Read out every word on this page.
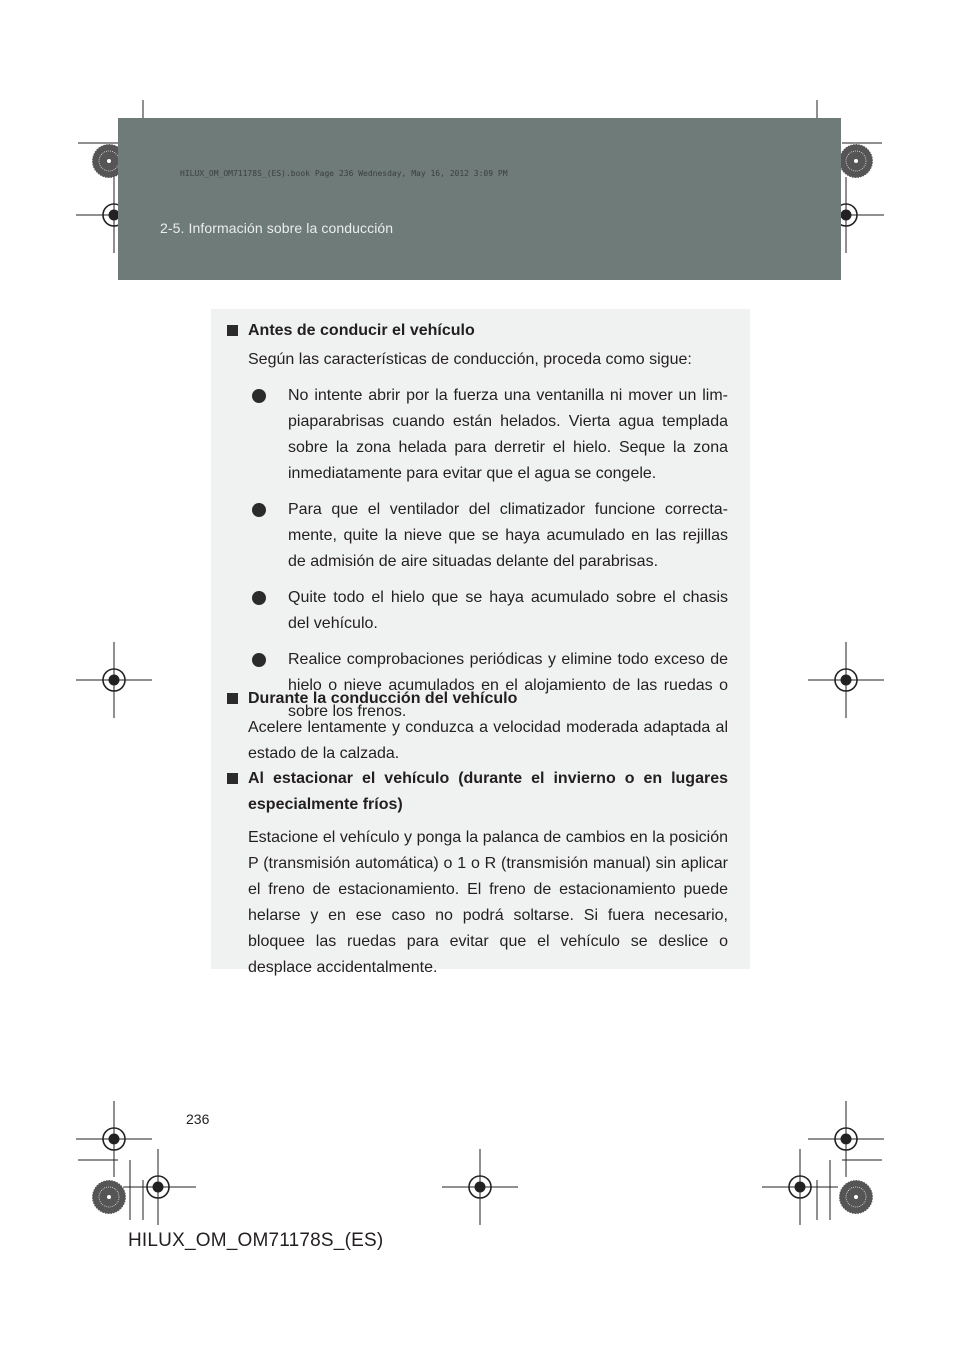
HILUX_OM_OM71178S_(ES).book Page 236 Wednesday, May 16, 2012 3:09 PM
2-5. Información sobre la conducción
Antes de conducir el vehículo
Según las características de conducción, proceda como sigue:
No intente abrir por la fuerza una ventanilla ni mover un limpiaparabrisas cuando están helados. Vierta agua templada sobre la zona helada para derretir el hielo. Seque la zona inmediatamente para evitar que el agua se congele.
Para que el ventilador del climatizador funcione correctamente, quite la nieve que se haya acumulado en las rejillas de admisión de aire situadas delante del parabrisas.
Quite todo el hielo que se haya acumulado sobre el chasis del vehículo.
Realice comprobaciones periódicas y elimine todo exceso de hielo o nieve acumulados en el alojamiento de las ruedas o sobre los frenos.
Durante la conducción del vehículo
Acelere lentamente y conduzca a velocidad moderada adaptada al estado de la calzada.
Al estacionar el vehículo (durante el invierno o en lugares especialmente fríos)
Estacione el vehículo y ponga la palanca de cambios en la posición P (transmisión automática) o 1 o R (transmisión manual) sin aplicar el freno de estacionamiento. El freno de estacionamiento puede helarse y en ese caso no podrá soltarse. Si fuera necesario, bloquee las ruedas para evitar que el vehículo se deslice o desplace accidentalmente.
236
HILUX_OM_OM71178S_(ES)
